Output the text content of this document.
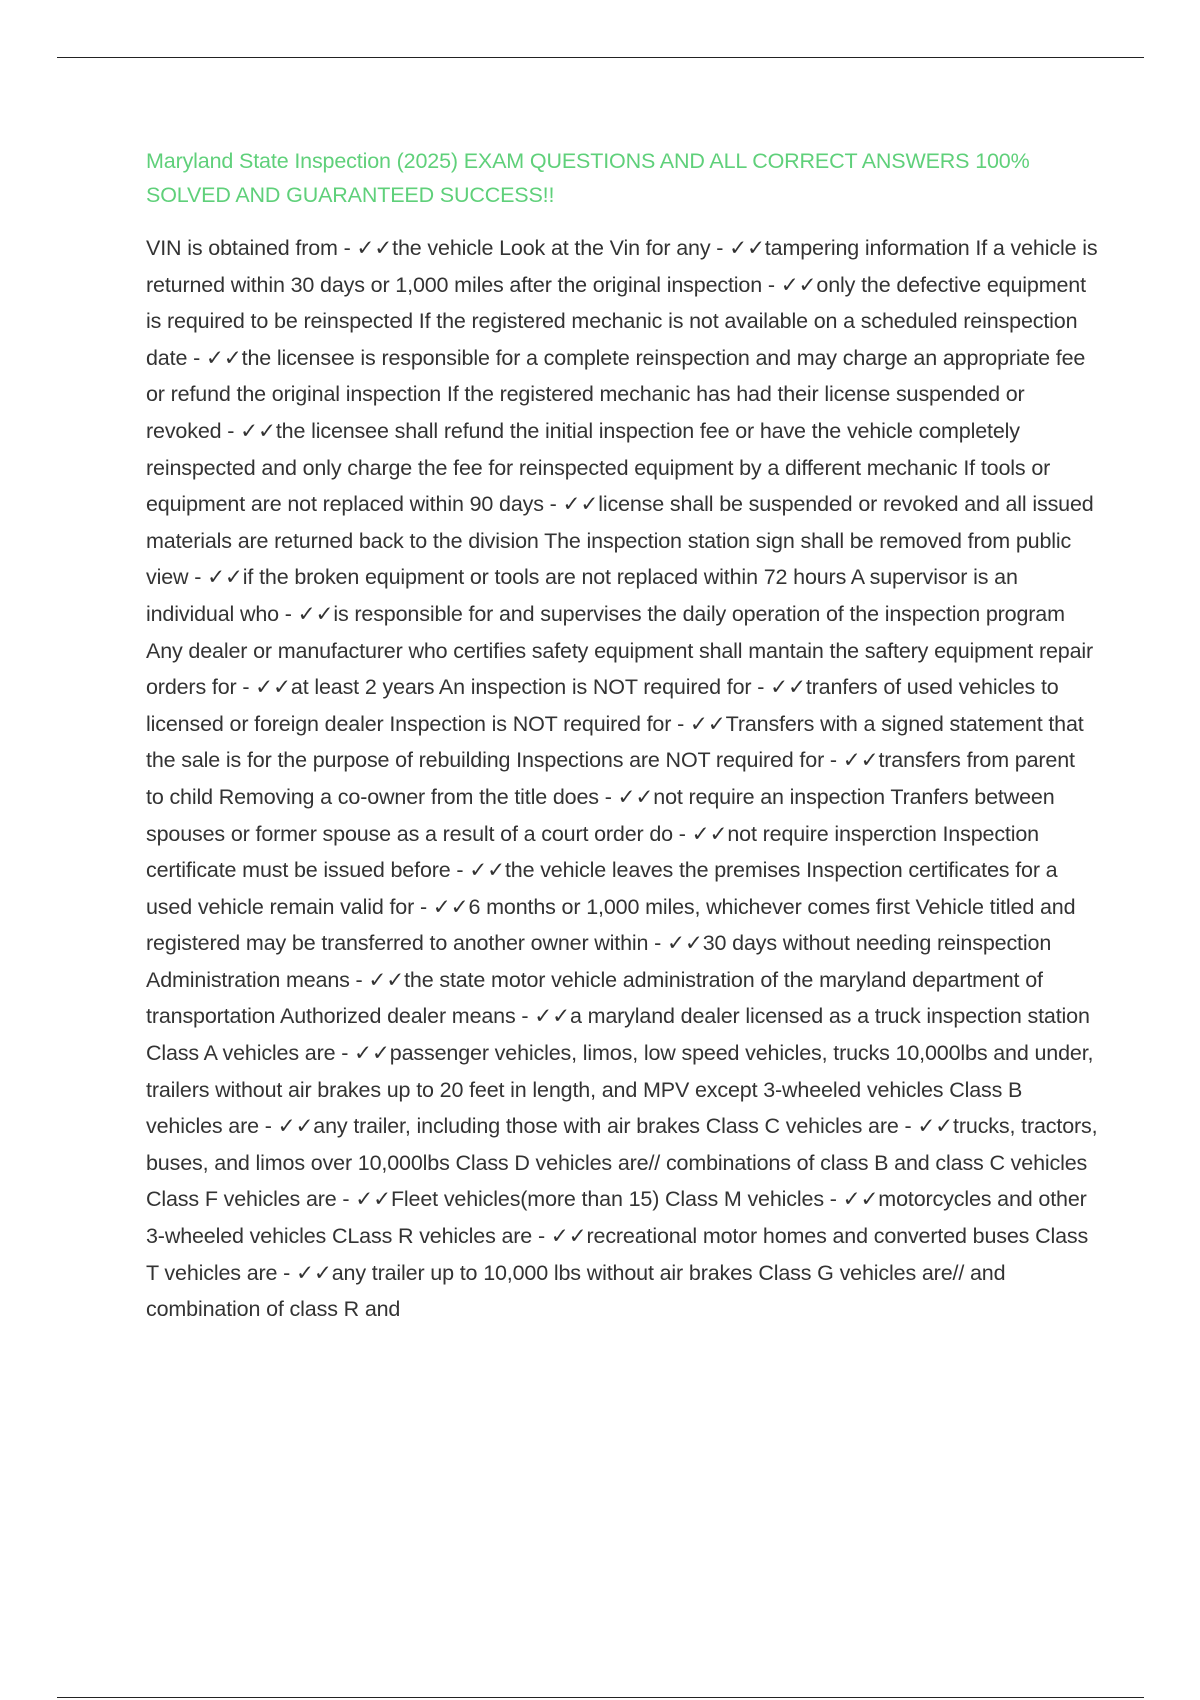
Maryland State Inspection (2025) EXAM QUESTIONS AND ALL CORRECT ANSWERS 100% SOLVED AND GUARANTEED SUCCESS!!

VIN is obtained from - ✓✓the vehicle Look at the Vin for any - ✓✓tampering information If a vehicle is returned within 30 days or 1,000 miles after the original inspection - ✓✓only the defective equipment is required to be reinspected If the registered mechanic is not available on a scheduled reinspection date - ✓✓the licensee is responsible for a complete reinspection and may charge an appropriate fee or refund the original inspection If the registered mechanic has had their license suspended or revoked - ✓✓the licensee shall refund the initial inspection fee or have the vehicle completely reinspected and only charge the fee for reinspected equipment by a different mechanic If tools or equipment are not replaced within 90 days - ✓✓license shall be suspended or revoked and all issued materials are returned back to the division The inspection station sign shall be removed from public view - ✓✓if the broken equipment or tools are not replaced within 72 hours A supervisor is an individual who - ✓✓is responsible for and supervises the daily operation of the inspection program Any dealer or manufacturer who certifies safety equipment shall mantain the saftery equipment repair orders for - ✓✓at least 2 years An inspection is NOT required for - ✓✓tranfers of used vehicles to licensed or foreign dealer Inspection is NOT required for - ✓✓Transfers with a signed statement that the sale is for the purpose of rebuilding Inspections are NOT required for - ✓✓transfers from parent to child Removing a co-owner from the title does - ✓✓not require an inspection Tranfers between spouses or former spouse as a result of a court order do - ✓✓not require insperction Inspection certificate must be issued before - ✓✓the vehicle leaves the premises Inspection certificates for a used vehicle remain valid for - ✓✓6 months or 1,000 miles, whichever comes first Vehicle titled and registered may be transferred to another owner within - ✓✓30 days without needing reinspection Administration means - ✓✓the state motor vehicle administration of the maryland department of transportation Authorized dealer means - ✓✓a maryland dealer licensed as a truck inspection station Class A vehicles are - ✓✓passenger vehicles, limos, low speed vehicles, trucks 10,000lbs and under, trailers without air brakes up to 20 feet in length, and MPV except 3-wheeled vehicles Class B vehicles are - ✓✓any trailer, including those with air brakes Class C vehicles are - ✓✓trucks, tractors, buses, and limos over 10,000lbs Class D vehicles are// combinations of class B and class C vehicles Class F vehicles are - ✓✓Fleet vehicles(more than 15) Class M vehicles - ✓✓motorcycles and other 3-wheeled vehicles CLass R vehicles are - ✓✓recreational motor homes and converted buses Class T vehicles are - ✓✓any trailer up to 10,000 lbs without air brakes Class G vehicles are// and combination of class R and
